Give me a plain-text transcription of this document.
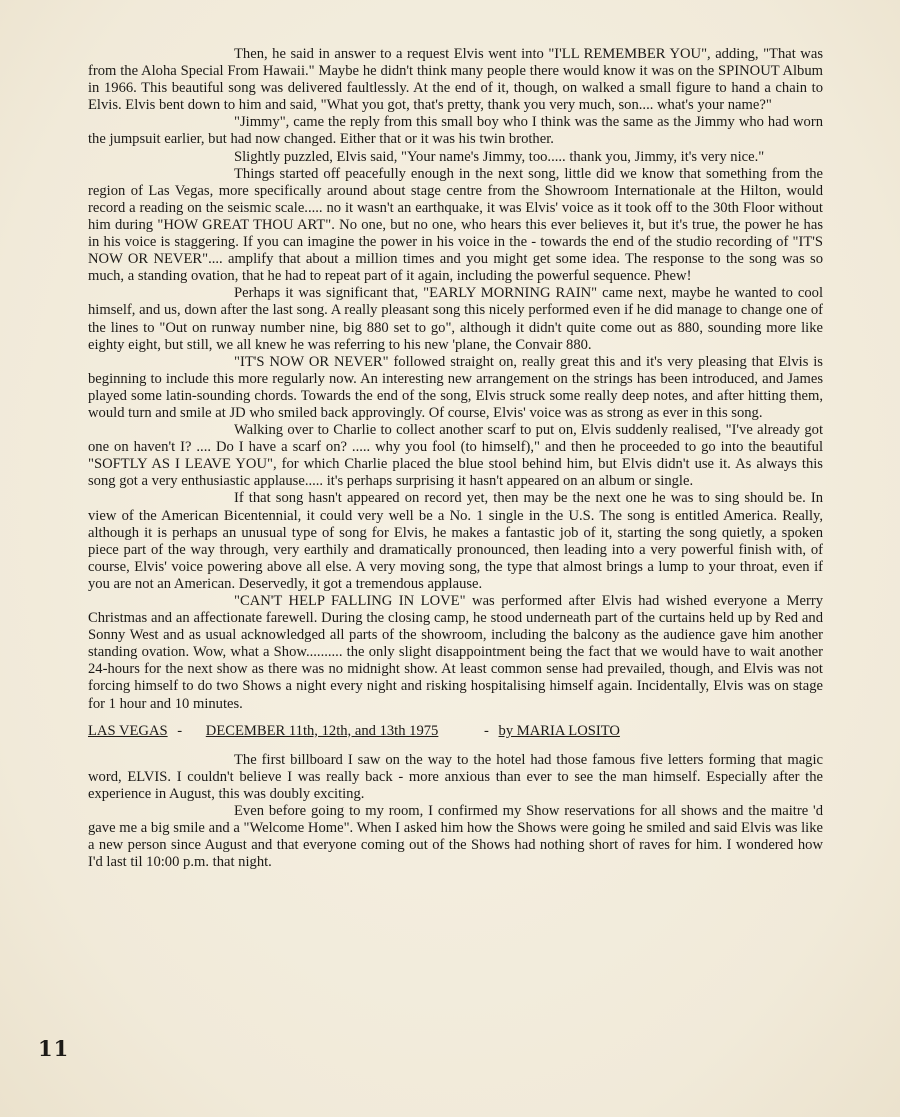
Then, he said in answer to a request Elvis went into "I'LL REMEMBER YOU", adding, "That was from the Aloha Special From Hawaii." Maybe he didn't think many people there would know it was on the SPINOUT Album in 1966. This beautiful song was delivered faultlessly. At the end of it, though, on walked a small figure to hand a chain to Elvis. Elvis bent down to him and said, "What you got, that's pretty, thank you very much, son.... what's your name?"

"Jimmy", came the reply from this small boy who I think was the same as the Jimmy who had worn the jumpsuit earlier, but had now changed. Either that or it was his twin brother.

Slightly puzzled, Elvis said, "Your name's Jimmy, too..... thank you, Jimmy, it's very nice."

Things started off peacefully enough in the next song, little did we know that something from the region of Las Vegas, more specifically around about stage centre from the Showroom Internationale at the Hilton, would record a reading on the seismic scale..... no it wasn't an earthquake, it was Elvis' voice as it took off to the 30th Floor without him during "HOW GREAT THOU ART". No one, but no one, who hears this ever believes it, but it's true, the power he has in his voice is staggering. If you can imagine the power in his voice in the - towards the end of the studio recording of "IT'S NOW OR NEVER".... amplify that about a million times and you might get some idea. The response to the song was so much, a standing ovation, that he had to repeat part of it again, including the powerful sequence. Phew!

Perhaps it was significant that, "EARLY MORNING RAIN" came next, maybe he wanted to cool himself, and us, down after the last song. A really pleasant song this nicely performed even if he did manage to change one of the lines to "Out on runway number nine, big 880 set to go", although it didn't quite come out as 880, sounding more like eighty eight, but still, we all knew he was referring to his new 'plane, the Convair 880.

"IT'S NOW OR NEVER" followed straight on, really great this and it's very pleasing that Elvis is beginning to include this more regularly now. An interesting new arrangement on the strings has been introduced, and James played some latin-sounding chords. Towards the end of the song, Elvis struck some really deep notes, and after hitting them, would turn and smile at JD who smiled back approvingly. Of course, Elvis' voice was as strong as ever in this song.

Walking over to Charlie to collect another scarf to put on, Elvis suddenly realised, "I've already got one on haven't I? .... Do I have a scarf on? ..... why you fool (to himself)," and then he proceeded to go into the beautiful "SOFTLY AS I LEAVE YOU", for which Charlie placed the blue stool behind him, but Elvis didn't use it. As always this song got a very enthusiastic applause..... it's perhaps surprising it hasn't appeared on an album or single.

If that song hasn't appeared on record yet, then may be the next one he was to sing should be. In view of the American Bicentennial, it could very well be a No. 1 single in the U.S. The song is entitled America. Really, although it is perhaps an unusual type of song for Elvis, he makes a fantastic job of it, starting the song quietly, a spoken piece part of the way through, very earthily and dramatically pronounced, then leading into a very powerful finish with, of course, Elvis' voice powering above all else. A very moving song, the type that almost brings a lump to your throat, even if you are not an American. Deservedly, it got a tremendous applause.

"CAN'T HELP FALLING IN LOVE" was performed after Elvis had wished everyone a Merry Christmas and an affectionate farewell. During the closing camp, he stood underneath part of the curtains held up by Red and Sonny West and as usual acknowledged all parts of the showroom, including the balcony as the audience gave him another standing ovation. Wow, what a Show.......... the only slight disappointment being the fact that we would have to wait another 24-hours for the next show as there was no midnight show. At least common sense had prevailed, though, and Elvis was not forcing himself to do two Shows a night every night and risking hospitalising himself again. Incidentally, Elvis was on stage for 1 hour and 10 minutes.

LAS VEGAS - DECEMBER 11th, 12th, and 13th 1975	- by MARIA LOSITO

The first billboard I saw on the way to the hotel had those famous five letters forming that magic word, ELVIS. I couldn't believe I was really back - more anxious than ever to see the man himself. Especially after the experience in August, this was doubly exciting.

Even before going to my room, I confirmed my Show reservations for all shows and the maitre 'd gave me a big smile and a "Welcome Home". When I asked him how the Shows were going he smiled and said Elvis was like a new person since August and that everyone coming out of the Shows had nothing short of raves for him. I wondered how I'd last til 10:00 p.m. that night.

11
